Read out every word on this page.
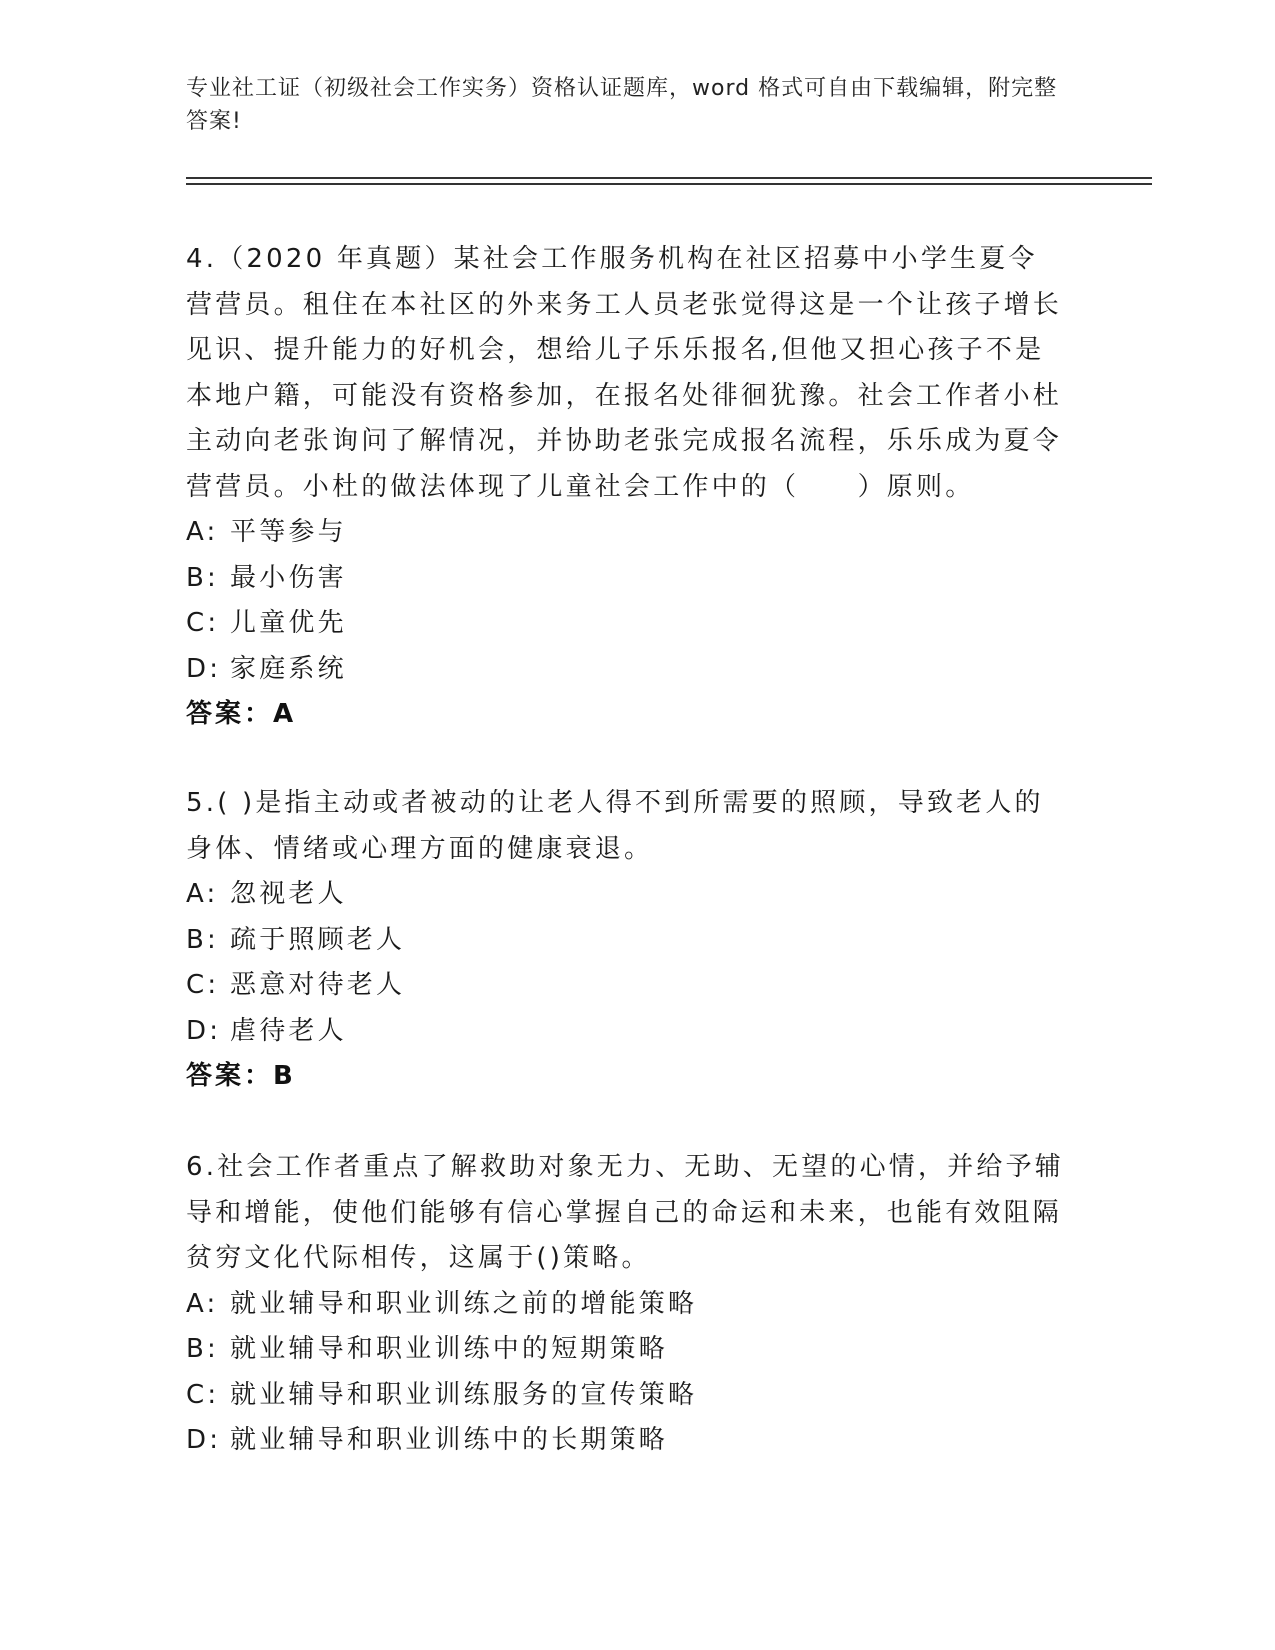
专业社工证（初级社会工作实务）资格认证题库，word 格式可自由下载编辑，附完整答案!

4.（2020 年真题）某社会工作服务机构在社区招募中小学生夏令营营员。租住在本社区的外来务工人员老张觉得这是一个让孩子增长见识、提升能力的好机会，想给儿子乐乐报名,但他又担心孩子不是本地户籍，可能没有资格参加，在报名处徘徊犹豫。社会工作者小杜主动向老张询问了解情况，并协助老张完成报名流程，乐乐成为夏令营营员。小杜的做法体现了儿童社会工作中的（　　）原则。

A: 平等参与

B: 最小伤害

C: 儿童优先

D: 家庭系统

答案：A

5.( )是指主动或者被动的让老人得不到所需要的照顾，导致老人的身体、情绪或心理方面的健康衰退。

A: 忽视老人

B: 疏于照顾老人

C: 恶意对待老人

D: 虐待老人

答案：B

6.社会工作者重点了解救助对象无力、无助、无望的心情，并给予辅导和增能，使他们能够有信心掌握自己的命运和未来，也能有效阻隔贫穷文化代际相传，这属于()策略。

A: 就业辅导和职业训练之前的增能策略

B: 就业辅导和职业训练中的短期策略

C: 就业辅导和职业训练服务的宣传策略

D: 就业辅导和职业训练中的长期策略
